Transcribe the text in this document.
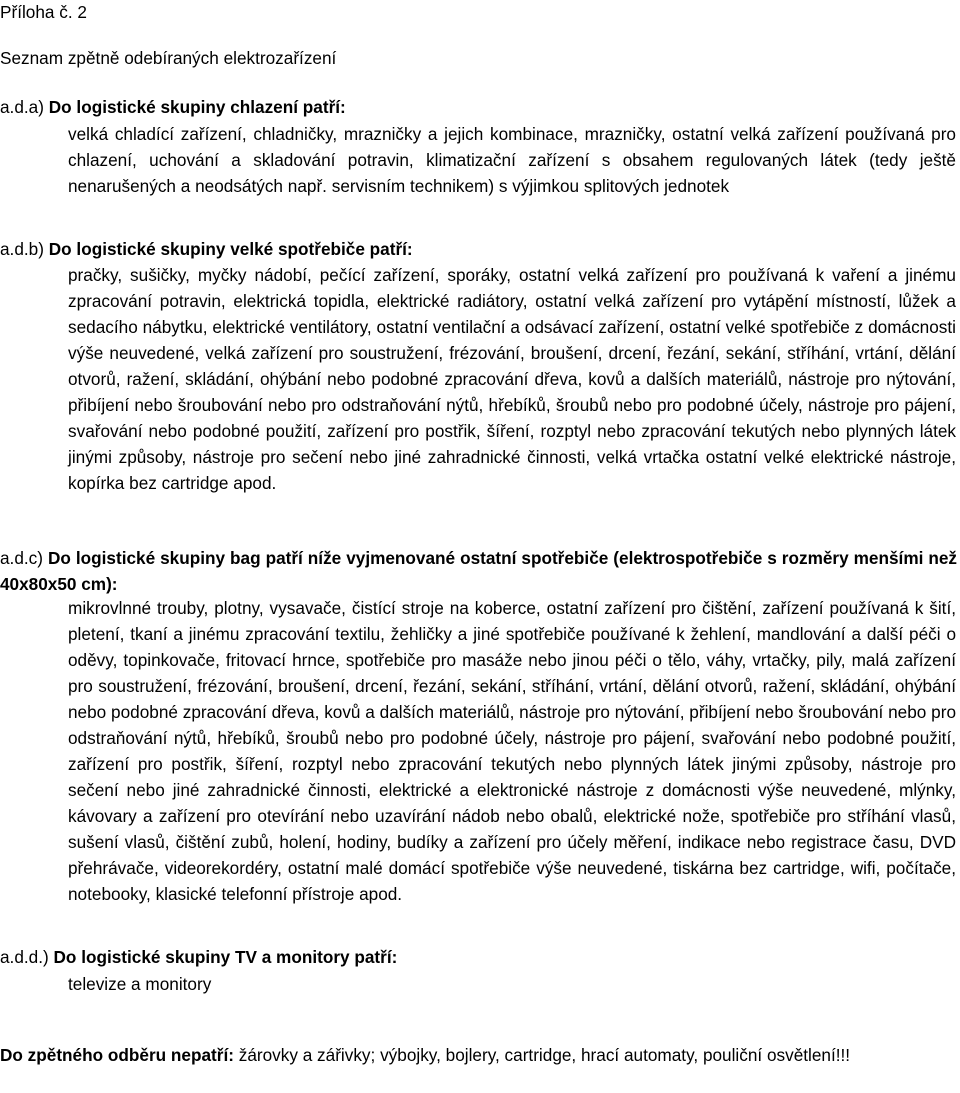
Příloha č. 2
Seznam zpětně odebíraných elektrozařízení
a.d.a) Do logistické skupiny chlazení patří:
velká chladící zařízení, chladničky, mrazničky a jejich kombinace, mrazničky, ostatní velká zařízení používaná pro chlazení, uchování a skladování potravin, klimatizační zařízení s obsahem regulovaných látek (tedy ještě nenarušených a neodsátých např. servisním technikem) s výjimkou splitových jednotek
a.d.b) Do logistické skupiny velké spotřebiče patří:
pračky, sušičky, myčky nádobí, pečící zařízení, sporáky, ostatní velká zařízení pro používaná k vaření a jinému zpracování potravin, elektrická topidla, elektrické radiátory, ostatní velká zařízení pro vytápění místností, lůžek a sedacího nábytku, elektrické ventilátory, ostatní ventilační a odsávací zařízení, ostatní velké spotřebiče z domácnosti výše neuvedené, velká zařízení pro soustružení, frézování, broušení, drcení, řezání, sekání, stříhání, vrtání, dělání otvorů, ražení, skládání, ohýbání nebo podobné zpracování dřeva, kovů a dalších materiálů, nástroje pro nýtování, přibíjení nebo šroubování nebo pro odstraňování nýtů, hřebíků, šroubů nebo pro podobné účely, nástroje pro pájení, svařování nebo podobné použití, zařízení pro postřik, šíření, rozptyl nebo zpracování tekutých nebo plynných látek jinými způsoby, nástroje pro sečení nebo jiné zahradnické činnosti, velká vrtačka ostatní velké elektrické nástroje, kopírka bez cartridge apod.
a.d.c) Do logistické skupiny bag patří níže vyjmenované ostatní spotřebiče (elektrospotřebiče s rozměry menšími než 40x80x50 cm):
mikrovlnné trouby, plotny, vysavače, čistící stroje na koberce, ostatní zařízení pro čištění, zařízení používaná k šití, pletení, tkaní a jinému zpracování textilu, žehličky a jiné spotřebiče používané k žehlení, mandlování a další péči o oděvy, topinkovače, fritovací hrnce, spotřebiče pro masáže nebo jinou péči o tělo, váhy, vrtačky, pily, malá zařízení pro soustružení, frézování, broušení, drcení, řezání, sekání, stříhání, vrtání, dělání otvorů, ražení, skládání, ohýbání nebo podobné zpracování dřeva, kovů a dalších materiálů, nástroje pro nýtování, přibíjení nebo šroubování nebo pro odstraňování nýtů, hřebíků, šroubů nebo pro podobné účely, nástroje pro pájení, svařování nebo podobné použití, zařízení pro postřik, šíření, rozptyl nebo zpracování tekutých nebo plynných látek jinými způsoby, nástroje pro sečení nebo jiné zahradnické činnosti, elektrické a elektronické nástroje z domácnosti výše neuvedené, mlýnky, kávovary a zařízení pro otevírání nebo uzavírání nádob nebo obalů, elektrické nože, spotřebiče pro stříhání vlasů, sušení vlasů, čištění zubů, holení, hodiny, budíky a zařízení pro účely měření, indikace nebo registrace času, DVD přehrávače, videorekordéry, ostatní malé domácí spotřebiče výše neuvedené, tiskárna bez cartridge, wifi, počítače, notebooky, klasické telefonní přístroje apod.
a.d.d.) Do logistické skupiny TV a monitory patří:
televize a monitory
Do zpětného odběru nepatří: žárovky a zářivky; výbojky, bojlery, cartridge, hrací automaty, pouliční osvětlení!!!
